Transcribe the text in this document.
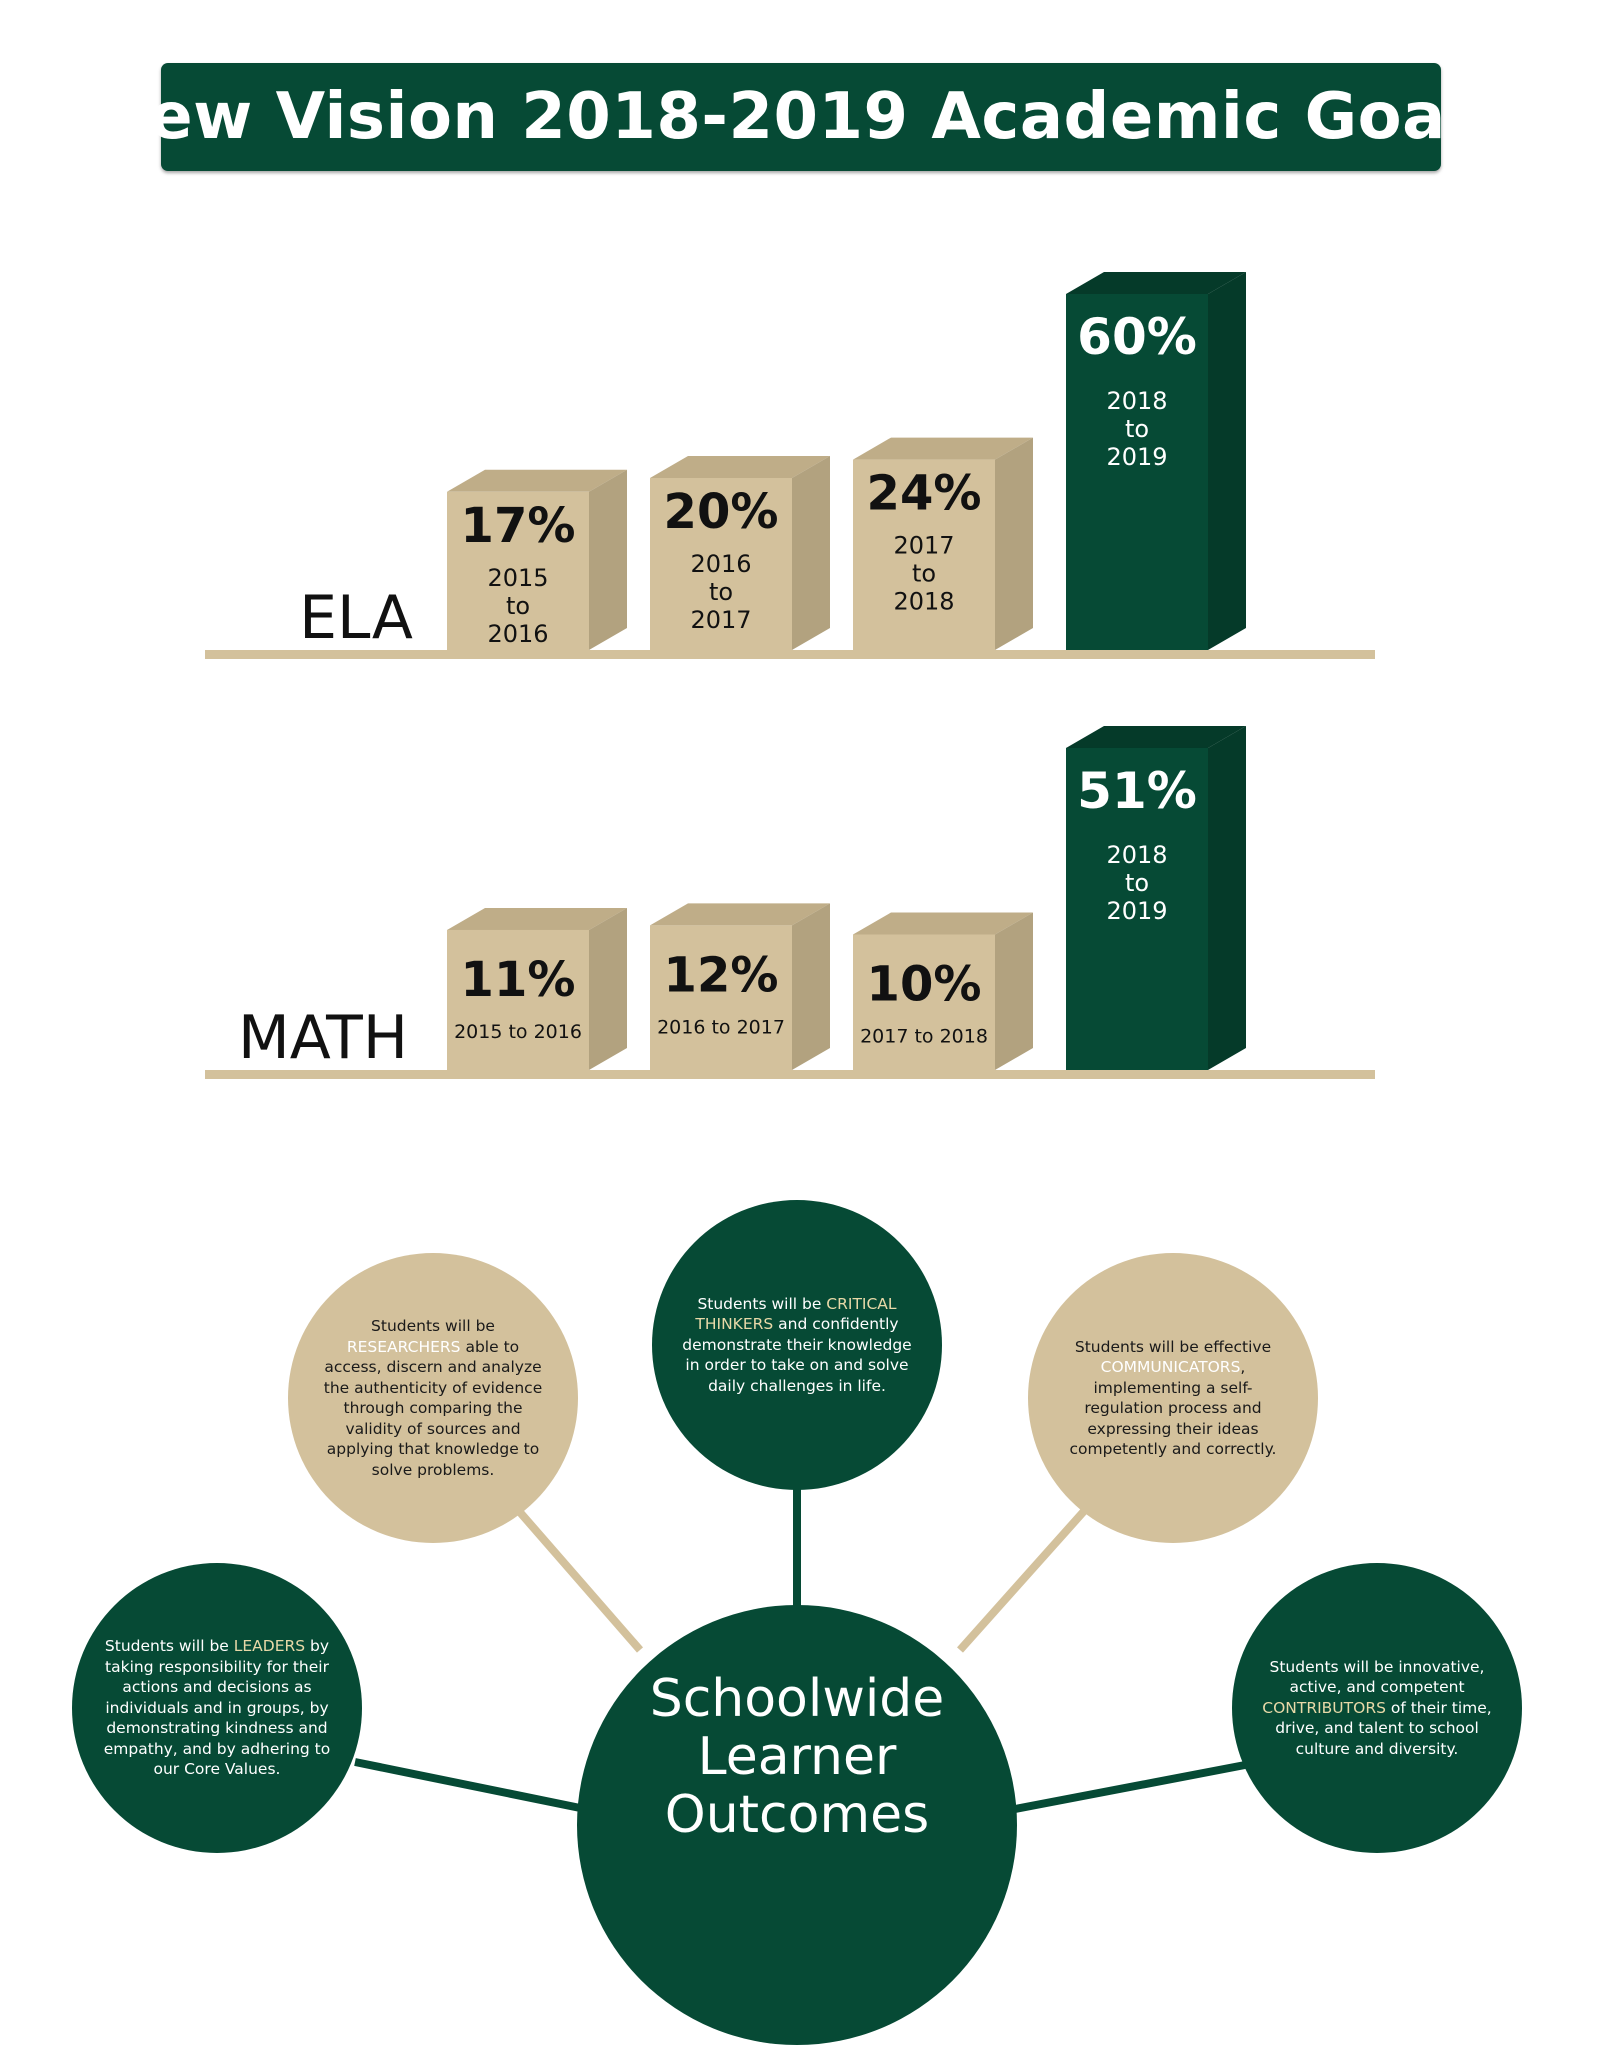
New Vision 2018-2019 Academic Goals
ELA
17%
2015
to
2016
20%
2016
to
2017
24%
2017
to
2018
60%
2018
to
2019
MATH
11%
2015 to 2016
12%
2016 to 2017
10%
2017 to 2018
51%
2018
to
2019
Students will be RESEARCHERS able to access, discern and analyze the authenticity of evidence through comparing the validity of sources and applying that knowledge to solve problems.
Students will be CRITICAL THINKERS and confidently demonstrate their knowledge in order to take on and solve daily challenges in life.
Students will be effective COMMUNICATORS, implementing a self-regulation process and expressing their ideas competently and correctly.
Students will be LEADERS by taking responsibility for their actions and decisions as individuals and in groups, by demonstrating kindness and empathy, and by adhering to our Core Values.
Students will be innovative, active, and competent CONTRIBUTORS of their time, drive, and talent to school culture and diversity.
Schoolwide
Learner
Outcomes
